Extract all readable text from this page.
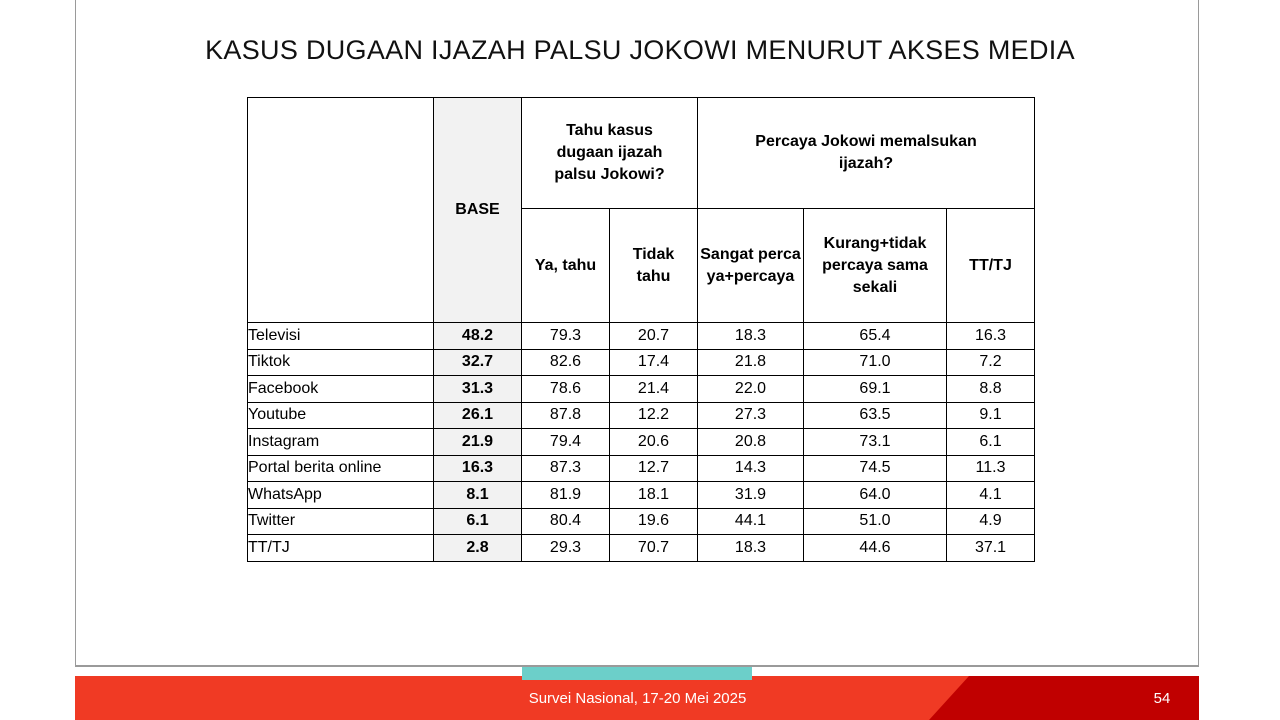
KASUS DUGAAN IJAZAH PALSU JOKOWI MENURUT AKSES MEDIA
	BASE	Tahu kasus dugaan ijazah palsu Jokowi?		Percaya Jokowi memalsukan ijazah?		
		Ya, tahu	Tidak tahu	Sangat percaya+percaya	Kurang+tidak percaya sama sekali	TT/TJ
Televisi	48.2	79.3	20.7	18.3	65.4	16.3
Tiktok	32.7	82.6	17.4	21.8	71.0	7.2
Facebook	31.3	78.6	21.4	22.0	69.1	8.8
Youtube	26.1	87.8	12.2	27.3	63.5	9.1
Instagram	21.9	79.4	20.6	20.8	73.1	6.1
Portal berita online	16.3	87.3	12.7	14.3	74.5	11.3
WhatsApp	8.1	81.9	18.1	31.9	64.0	4.1
Twitter	6.1	80.4	19.6	44.1	51.0	4.9
TT/TJ	2.8	29.3	70.7	18.3	44.6	37.1
Survei Nasional, 17-20 Mei 2025	54
